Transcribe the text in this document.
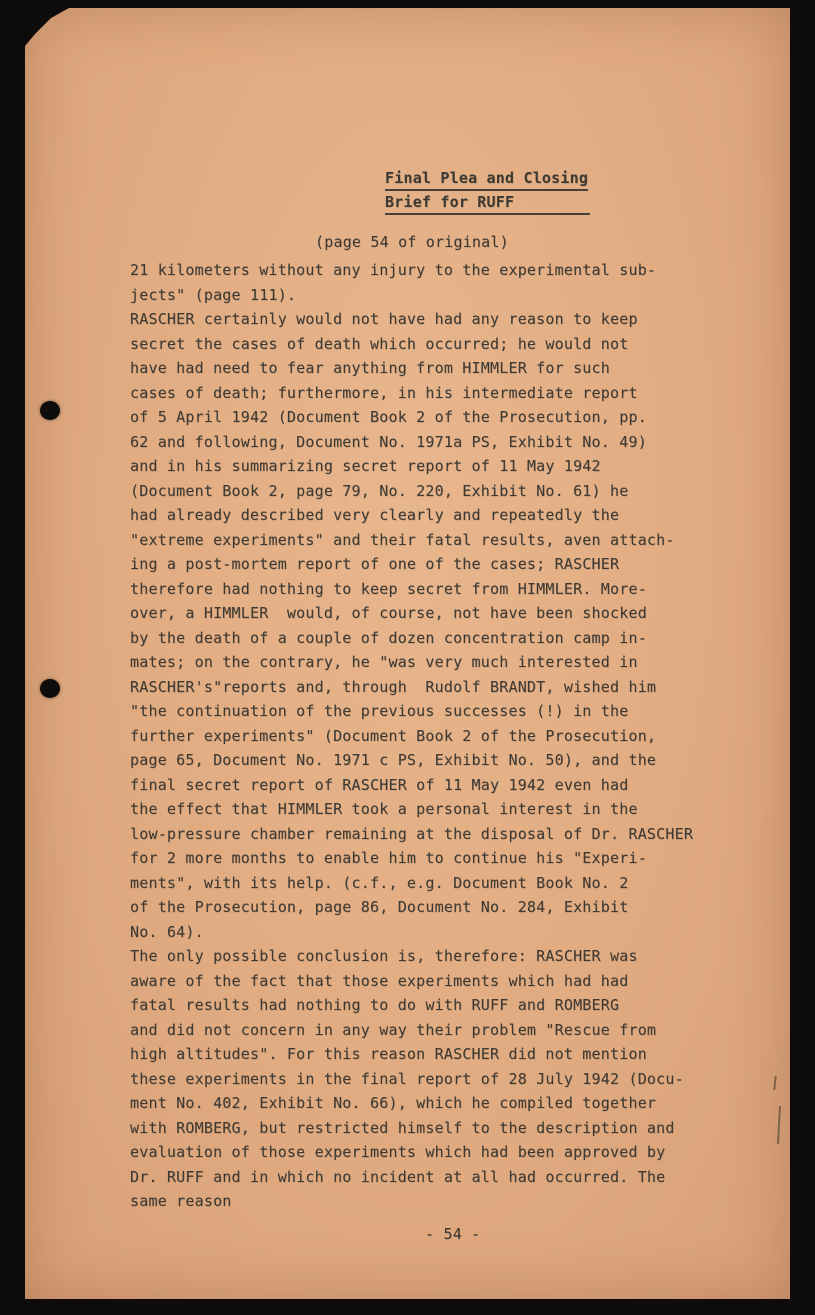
Final Plea and Closing
Brief for RUFF
(page 54 of original)
21 kilometers without any injury to the experimental sub-
jects" (page 111).
RASCHER certainly would not have had any reason to keep
secret the cases of death which occurred; he would not
have had need to fear anything from HIMMLER for such
cases of death; furthermore, in his intermediate report
of 5 April 1942 (Document Book 2 of the Prosecution, pp.
62 and following, Document No. 1971a PS, Exhibit No. 49)
and in his summarizing secret report of 11 May 1942
(Document Book 2, page 79, No. 220, Exhibit No. 61) he
had already described very clearly and repeatedly the
"extreme experiments" and their fatal results, aven attach-
ing a post-mortem report of one of the cases; RASCHER
therefore had nothing to keep secret from HIMMLER. More-
over, a HIMMLER  would, of course, not have been shocked
by the death of a couple of dozen concentration camp in-
mates; on the contrary, he "was very much interested in
RASCHER's"reports and, through  Rudolf BRANDT, wished him
"the continuation of the previous successes (!) in the
further experiments" (Document Book 2 of the Prosecution,
page 65, Document No. 1971 c PS, Exhibit No. 50), and the
final secret report of RASCHER of 11 May 1942 even had
the effect that HIMMLER took a personal interest in the
low-pressure chamber remaining at the disposal of Dr. RASCHER
for 2 more months to enable him to continue his "Experi-
ments", with its help. (c.f., e.g. Document Book No. 2
of the Prosecution, page 86, Document No. 284, Exhibit
No. 64).
The only possible conclusion is, therefore: RASCHER was
aware of the fact that those experiments which had had
fatal results had nothing to do with RUFF and ROMBERG
and did not concern in any way their problem "Rescue from
high altitudes". For this reason RASCHER did not mention
these experiments in the final report of 28 July 1942 (Docu-
ment No. 402, Exhibit No. 66), which he compiled together
with ROMBERG, but restricted himself to the description and
evaluation of those experiments which had been approved by
Dr. RUFF and in which no incident at all had occurred. The
same reason
- 54 -
